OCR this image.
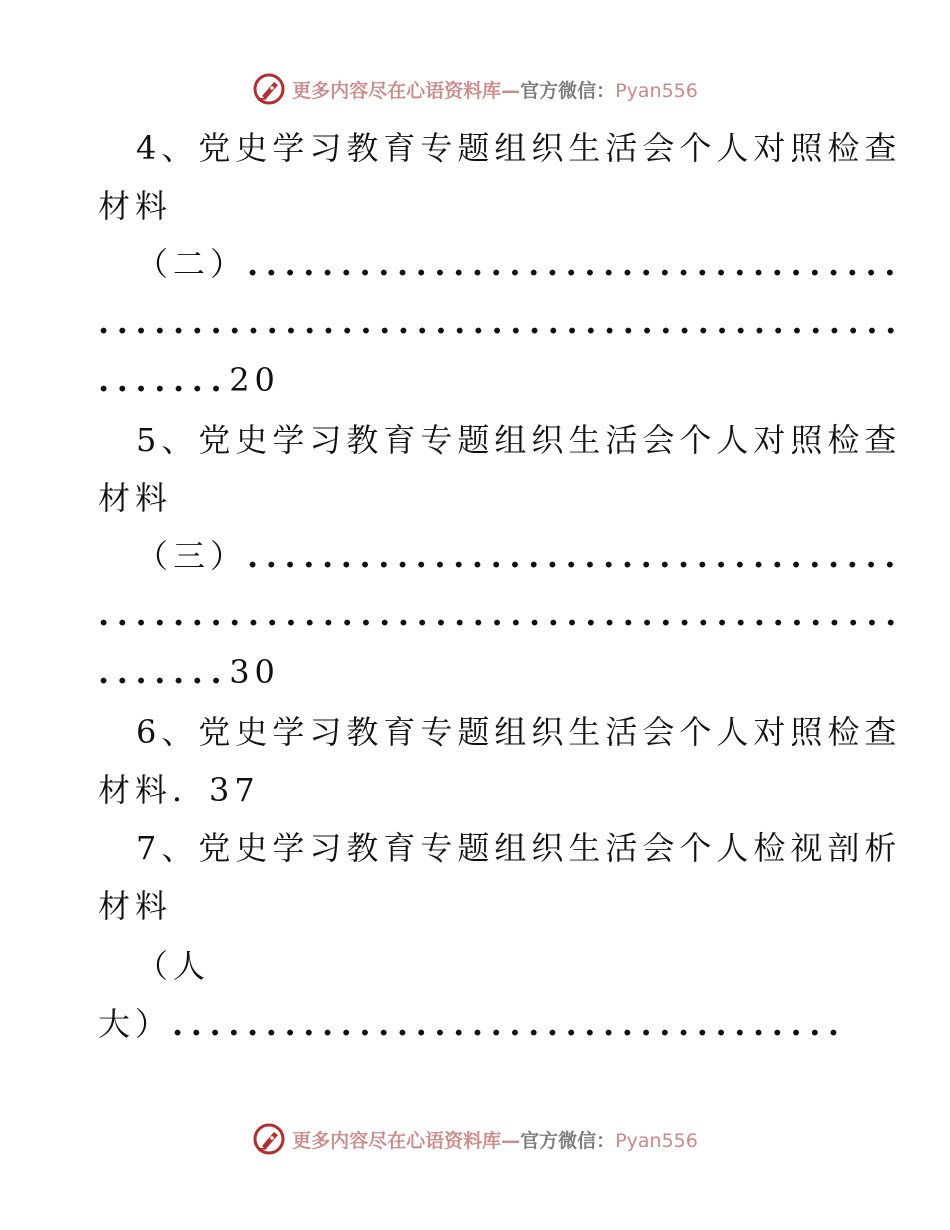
更多内容尽在心语资料库—官方微信：Pyan556
4、党史学习教育专题组织生活会个人对照检查
材料
（二）...................................
...........................................
.......20
5、党史学习教育专题组织生活会个人对照检查
材料
（三）...................................
...........................................
.......30
6、党史学习教育专题组织生活会个人对照检查
材料．37
7、党史学习教育专题组织生活会个人检视剖析
材料
（人
大）....................................
更多内容尽在心语资料库—官方微信：Pyan556
